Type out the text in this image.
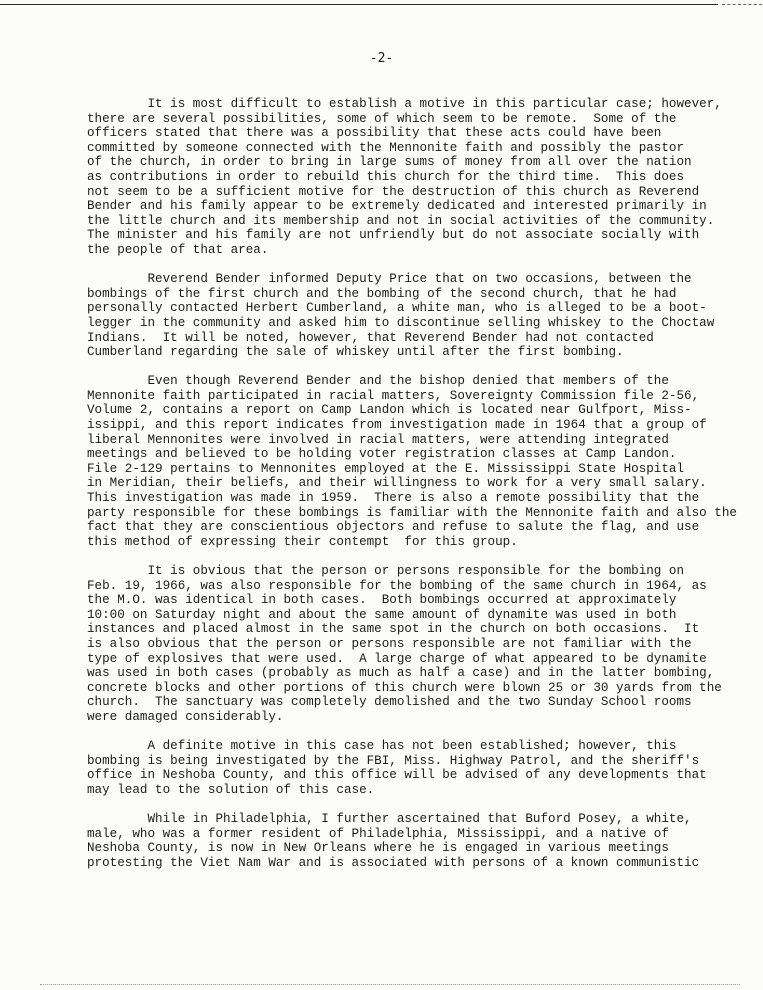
-2-

It is most difficult to establish a motive in this particular case; however,
there are several possibilities, some of which seem to be remote.  Some of the
officers stated that there was a possibility that these acts could have been
committed by someone connected with the Mennonite faith and possibly the pastor
of the church, in order to bring in large sums of money from all over the nation
as contributions in order to rebuild this church for the third time.  This does
not seem to be a sufficient motive for the destruction of this church as Reverend
Bender and his family appear to be extremely dedicated and interested primarily in
the little church and its membership and not in social activities of the community.
The minister and his family are not unfriendly but do not associate socially with
the people of that area.

Reverend Bender informed Deputy Price that on two occasions, between the
bombings of the first church and the bombing of the second church, that he had
personally contacted Herbert Cumberland, a white man, who is alleged to be a boot-
legger in the community and asked him to discontinue selling whiskey to the Choctaw
Indians.  It will be noted, however, that Reverend Bender had not contacted
Cumberland regarding the sale of whiskey until after the first bombing.

Even though Reverend Bender and the bishop denied that members of the
Mennonite faith participated in racial matters, Sovereignty Commission file 2-56,
Volume 2, contains a report on Camp Landon which is located near Gulfport, Miss-
issippi, and this report indicates from investigation made in 1964 that a group of
liberal Mennonites were involved in racial matters, were attending integrated
meetings and believed to be holding voter registration classes at Camp Landon.
File 2-129 pertains to Mennonites employed at the E. Mississippi State Hospital
in Meridian, their beliefs, and their willingness to work for a very small salary.
This investigation was made in 1959.  There is also a remote possibility that the
party responsible for these bombings is familiar with the Mennonite faith and also the
fact that they are conscientious objectors and refuse to salute the flag, and use
this method of expressing their contempt  for this group.

It is obvious that the person or persons responsible for the bombing on
Feb. 19, 1966, was also responsible for the bombing of the same church in 1964, as
the M.O. was identical in both cases.  Both bombings occurred at approximately
10:00 on Saturday night and about the same amount of dynamite was used in both
instances and placed almost in the same spot in the church on both occasions.  It
is also obvious that the person or persons responsible are not familiar with the
type of explosives that were used.  A large charge of what appeared to be dynamite
was used in both cases (probably as much as half a case) and in the latter bombing,
concrete blocks and other portions of this church were blown 25 or 30 yards from the
church.  The sanctuary was completely demolished and the two Sunday School rooms
were damaged considerably.

A definite motive in this case has not been established; however, this
bombing is being investigated by the FBI, Miss. Highway Patrol, and the sheriff's
office in Neshoba County, and this office will be advised of any developments that
may lead to the solution of this case.

While in Philadelphia, I further ascertained that Buford Posey, a white,
male, who was a former resident of Philadelphia, Mississippi, and a native of
Neshoba County, is now in New Orleans where he is engaged in various meetings
protesting the Viet Nam War and is associated with persons of a known communistic
